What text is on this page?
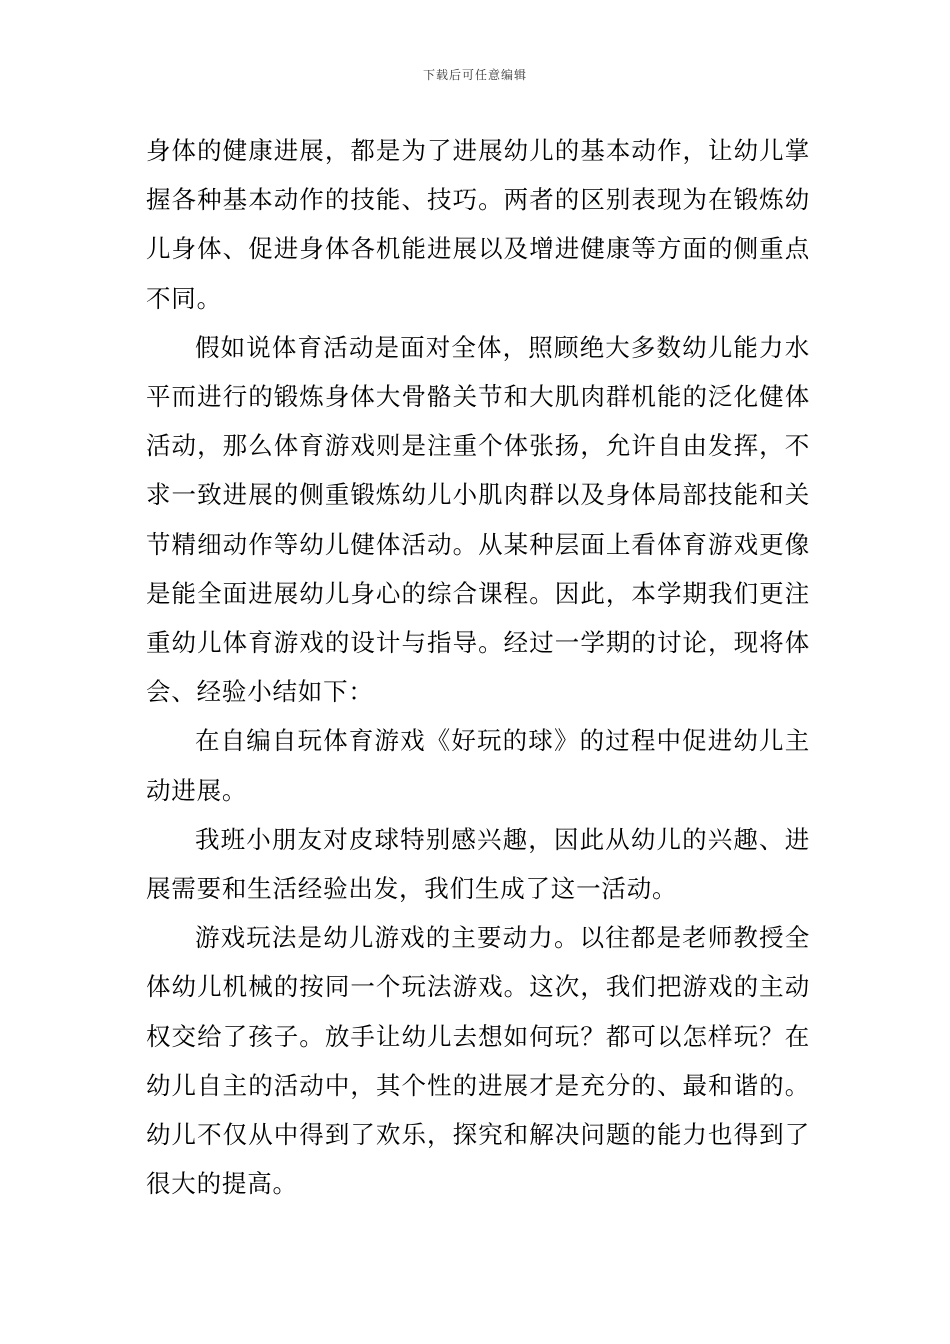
下载后可任意编辑

身体的健康进展，都是为了进展幼儿的基本动作，让幼儿掌握各种基本动作的技能、技巧。两者的区别表现为在锻炼幼儿身体、促进身体各机能进展以及增进健康等方面的侧重点不同。

假如说体育活动是面对全体，照顾绝大多数幼儿能力水平而进行的锻炼身体大骨骼关节和大肌肉群机能的泛化健体活动，那么体育游戏则是注重个体张扬，允许自由发挥，不求一致进展的侧重锻炼幼儿小肌肉群以及身体局部技能和关节精细动作等幼儿健体活动。从某种层面上看体育游戏更像是能全面进展幼儿身心的综合课程。因此，本学期我们更注重幼儿体育游戏的设计与指导。经过一学期的讨论，现将体会、经验小结如下：

在自编自玩体育游戏《好玩的球》的过程中促进幼儿主动进展。

我班小朋友对皮球特别感兴趣，因此从幼儿的兴趣、进展需要和生活经验出发，我们生成了这一活动。

游戏玩法是幼儿游戏的主要动力。以往都是老师教授全体幼儿机械的按同一个玩法游戏。这次，我们把游戏的主动权交给了孩子。放手让幼儿去想如何玩？都可以怎样玩？在幼儿自主的活动中，其个性的进展才是充分的、最和谐的。幼儿不仅从中得到了欢乐，探究和解决问题的能力也得到了很大的提高。
